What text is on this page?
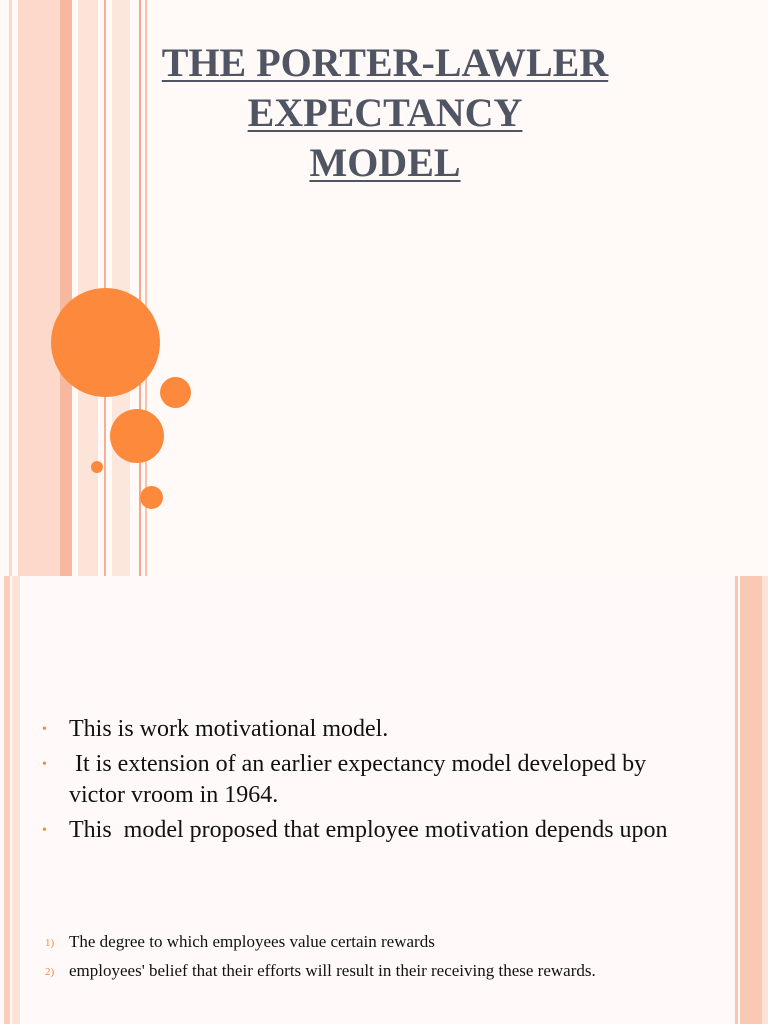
THE PORTER-LAWLER
EXPECTANCY
MODEL
• This is work motivational model.
• It is extension of an earlier expectancy model developed by victor vroom in 1964.
• This  model proposed that employee motivation depends upon
1) The degree to which employees value certain rewards
2) employees' belief that their efforts will result in their receiving these rewards.
